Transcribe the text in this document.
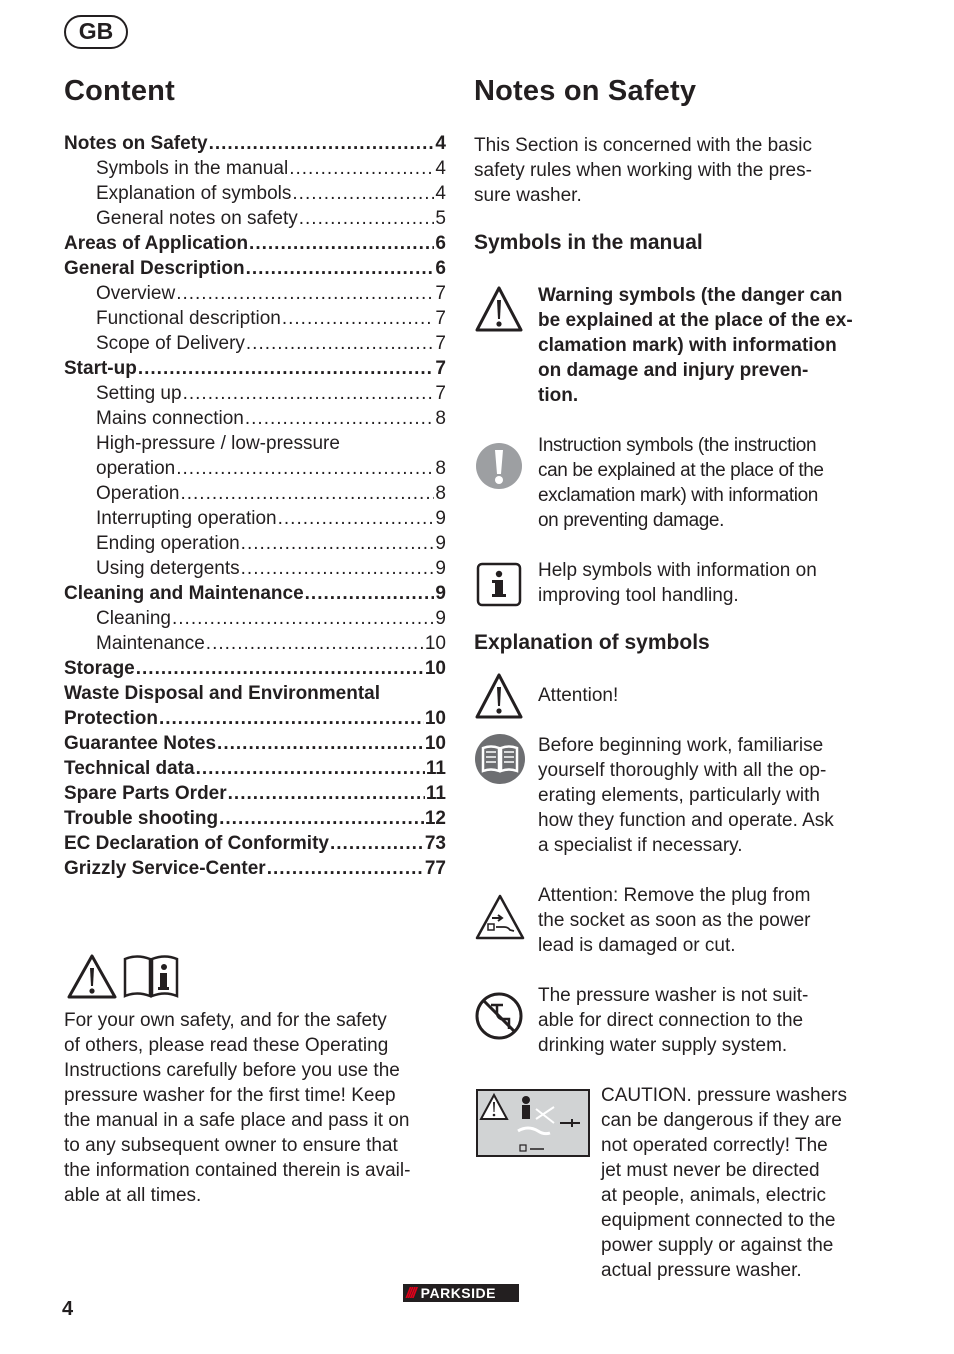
GB
Content
Notes on Safety .....	4
Symbols in the manual .....	4
Explanation of symbols .....	4
General notes on safety .....	5
Areas of Application .....	6
General Description .....	6
Overview .....	7
Functional description .....	7
Scope of Delivery .....	7
Start-up .....	7
Setting up .....	7
Mains connection .....	8
High-pressure / low-pressure
operation .....	8
Operation .....	8
Interrupting operation .....	9
Ending operation .....	9
Using detergents .....	9
Cleaning and Maintenance .....	9
Cleaning .....	9
Maintenance .....	10
Storage .....	10
Waste Disposal and Environmental
Protection .....	10
Guarantee Notes .....	10
Technical data .....	11
Spare Parts Order .....	11
Trouble shooting .....	12
EC Declaration of Conformity .....	73
Grizzly Service-Center .....	77
For your own safety, and for the safety
of others, please read these Operating
Instructions carefully before you use the
pressure washer for the first time! Keep
the manual in a safe place and pass it on
to any subsequent owner to ensure that
the information contained therein is avail-
able at all times.
Notes on Safety
This Section is concerned with the basic
safety rules when working with the pres-
sure washer.
Symbols in the manual
Warning symbols (the danger can
be explained at the place of the ex-
clamation mark) with information
on damage and injury preven-
tion.
Instruction symbols (the instruction
can be explained at the place of the
exclamation mark) with information
on preventing damage.
Help symbols with information on
improving tool handling.
Explanation of symbols
Attention!
Before beginning work, familiarise
yourself thoroughly with all the op-
erating elements, particularly with
how they function and operate. Ask
a specialist if necessary.
Attention: Remove the plug from
the socket as soon as the power
lead is damaged or cut.
The pressure washer is not suit-
able for direct connection to the
drinking water supply system.
CAUTION. pressure washers
can be dangerous if they are
not operated correctly! The
jet must never be directed
at people, animals, electric
equipment connected to the
power supply or against the
actual pressure washer.
4
//// PARKSIDE
